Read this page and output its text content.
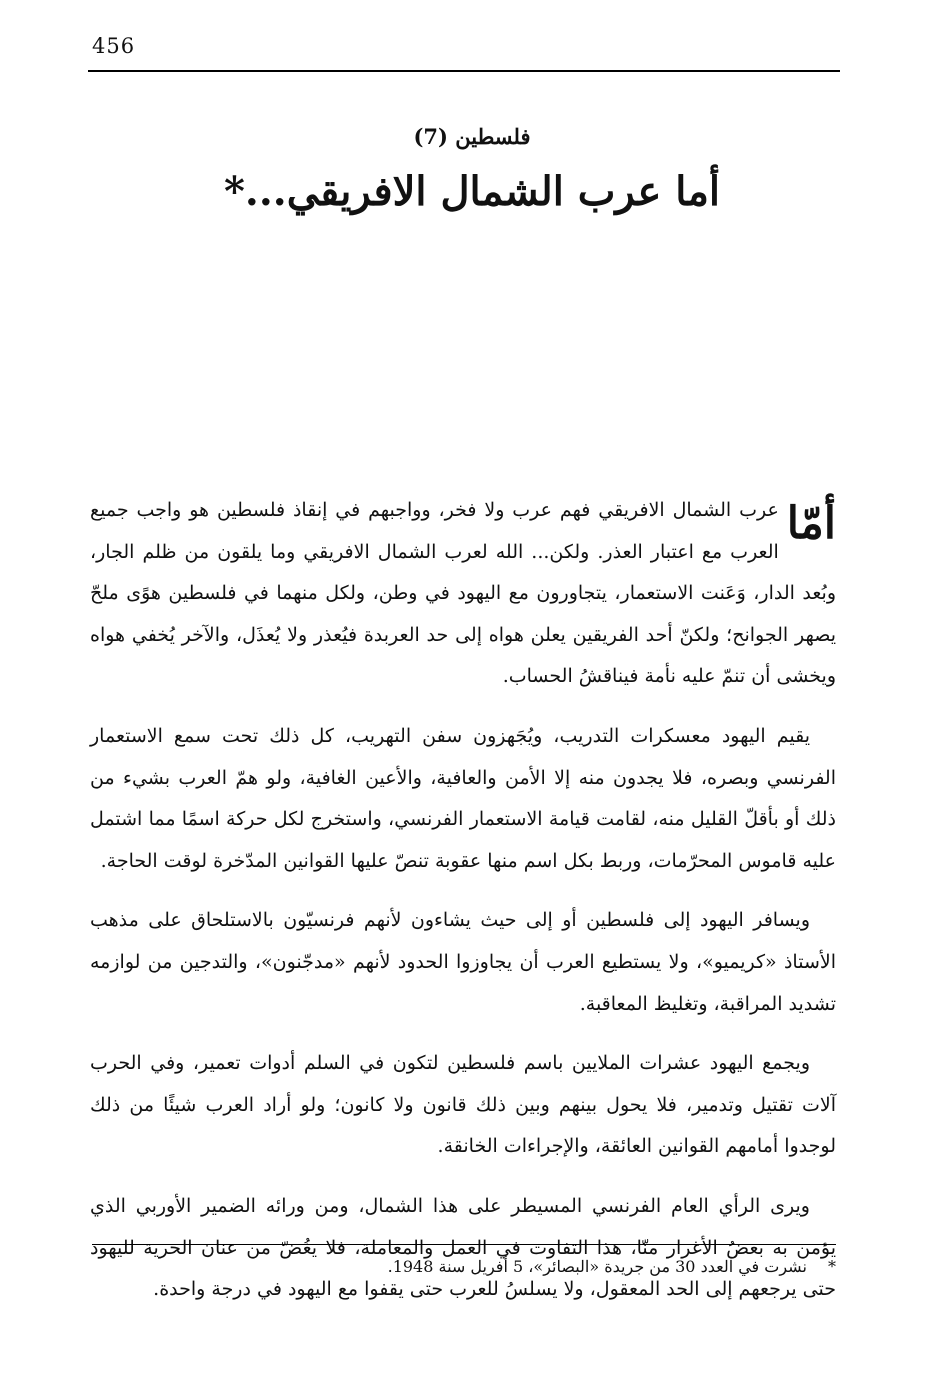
456
فلسطين (7)
أما عرب الشمال الافريقي...*

أمّا
عرب الشمال الافريقي فهم عرب ولا فخر، وواجبهم في إنقاذ فلسطين هو واجب جميع العرب مع اعتبار العذر. ولكن... الله لعرب الشمال الافريقي وما يلقون من ظلم الجار، وبُعد الدار، وَعَنت الاستعمار، يتجاورون مع اليهود في وطن، ولكل منهما في فلسطين هوًى ملحّ يصهر الجوانح؛ ولكنّ أحد الفريقين يعلن هواه إلى حد العربدة فيُعذر ولا يُعذَل، والآخر يُخفي هواه ويخشى أن تنمّ عليه نأمة فيناقشُ الحساب.

يقيم اليهود معسكرات التدريب، ويُجَهزون سفن التهريب، كل ذلك تحت سمع الاستعمار الفرنسي وبصره، فلا يجدون منه إلا الأمن والعافية، والأعين الغافية، ولو همّ العرب بشيء من ذلك أو بأقلّ القليل منه، لقامت قيامة الاستعمار الفرنسي، واستخرج لكل حركة اسمًا مما اشتمل عليه قاموس المحرّمات، وربط بكل اسم منها عقوبة تنصّ عليها القوانين المدّخرة لوقت الحاجة.

ويسافر اليهود إلى فلسطين أو إلى حيث يشاءون لأنهم فرنسيّون بالاستلحاق على مذهب الأستاذ «كريميو»، ولا يستطيع العرب أن يجاوزوا الحدود لأنهم «مدجّنون»، والتدجين من لوازمه تشديد المراقبة، وتغليظ المعاقبة.

ويجمع اليهود عشرات الملايين باسم فلسطين لتكون في السلم أدوات تعمير، وفي الحرب آلات تقتيل وتدمير، فلا يحول بينهم وبين ذلك قانون ولا كانون؛ ولو أراد العرب شيئًا من ذلك لوجدوا أمامهم القوانين العائقة، والإجراءات الخانقة.

ويرى الرأي العام الفرنسي المسيطر على هذا الشمال، ومن ورائه الضمير الأوربي الذي يؤمن به بعضُ الأغرار منّا، هذا التفاوت في العمل والمعاملة، فلا يغُضّ من عنان الحرية لليهود حتى يرجعهم إلى الحد المعقول، ولا يسلسُ للعرب حتى يقفوا مع اليهود في درجة واحدة.

* نشرت في العدد 30 من جريدة «البصائر»، 5 أفريل سنة 1948.
